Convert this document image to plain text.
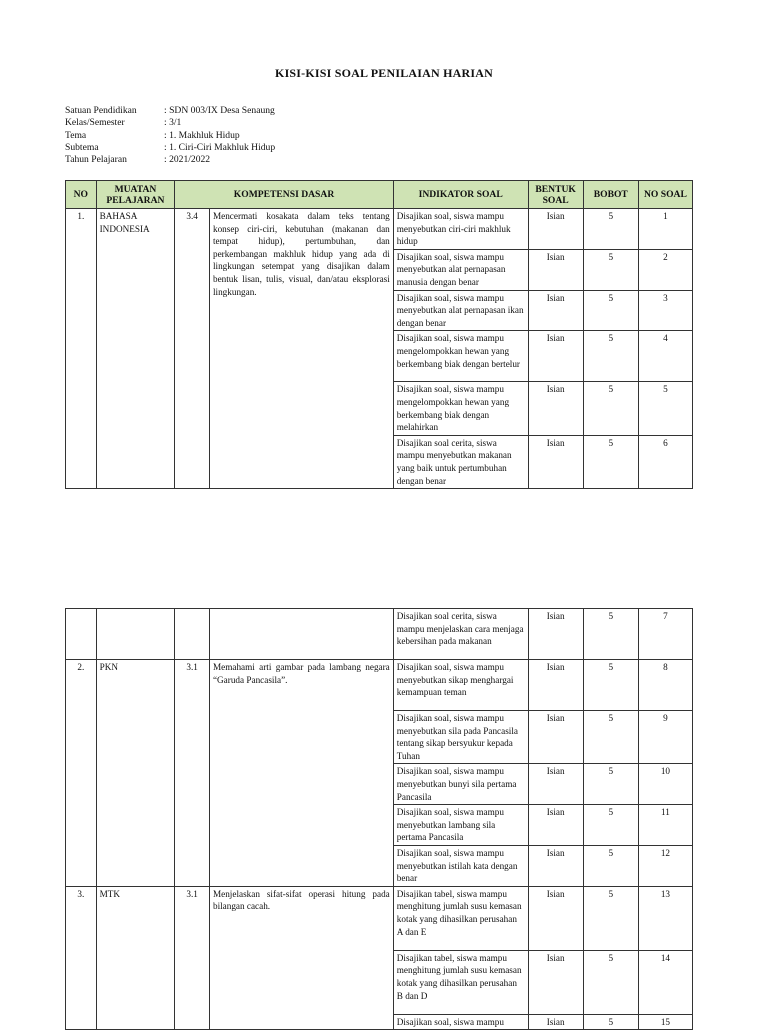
KISI-KISI SOAL PENILAIAN HARIAN
Satuan Pendidikan	: SDN 003/IX Desa Senaung
Kelas/Semester	: 3/1
Tema	: 1. Makhluk Hidup
Subtema	: 1. Ciri-Ciri Makhluk Hidup
Tahun Pelajaran	: 2021/2022
NO	MUATAN PELAJARAN	KOMPETENSI DASAR		INDIKATOR SOAL	BENTUK SOAL	BOBOT	NO SOAL
1.	BAHASA INDONESIA	3.4	Mencermati kosakata dalam teks tentang konsep ciri-ciri, kebutuhan (makanan dan tempat hidup), pertumbuhan, dan perkembangan makhluk hidup yang ada di lingkungan setempat yang disajikan dalam bentuk lisan, tulis, visual, dan/atau eksplorasi lingkungan.	Disajikan soal, siswa mampu menyebutkan ciri-ciri makhluk hidup	Isian	5	1
				Disajikan soal, siswa mampu menyebutkan alat pernapasan manusia dengan benar	Isian	5	2
				Disajikan soal, siswa mampu menyebutkan alat pernapasan ikan dengan benar	Isian	5	3
				Disajikan soal, siswa mampu mengelompokkan hewan yang berkembang biak dengan bertelur	Isian	5	4
				Disajikan soal, siswa mampu mengelompokkan hewan yang berkembang biak dengan melahirkan	Isian	5	5
				Disajikan soal cerita, siswa mampu menyebutkan makanan yang baik untuk pertumbuhan dengan benar	Isian	5	6
				Disajikan soal cerita, siswa mampu menjelaskan cara menjaga kebersihan pada makanan	Isian	5	7
2.	PKN	3.1	Memahami arti gambar pada lambang negara “Garuda Pancasila”.	Disajikan soal, siswa mampu menyebutkan sikap menghargai kemampuan teman	Isian	5	8
				Disajikan soal, siswa mampu menyebutkan sila pada Pancasila tentang sikap bersyukur kepada Tuhan	Isian	5	9
				Disajikan soal, siswa mampu menyebutkan bunyi sila pertama Pancasila	Isian	5	10
				Disajikan soal, siswa mampu menyebutkan lambang sila pertama Pancasila	Isian	5	11
				Disajikan soal, siswa mampu menyebutkan istilah kata dengan benar	Isian	5	12
3.	MTK	3.1	Menjelaskan sifat-sifat operasi hitung pada bilangan cacah.	Disajikan tabel, siswa mampu menghitung jumlah susu kemasan kotak yang dihasilkan perusahan A dan E	Isian	5	13
				Disajikan tabel, siswa mampu menghitung jumlah susu kemasan kotak yang dihasilkan perusahan B dan D	Isian	5	14
				Disajikan soal, siswa mampu	Isian	5	15
